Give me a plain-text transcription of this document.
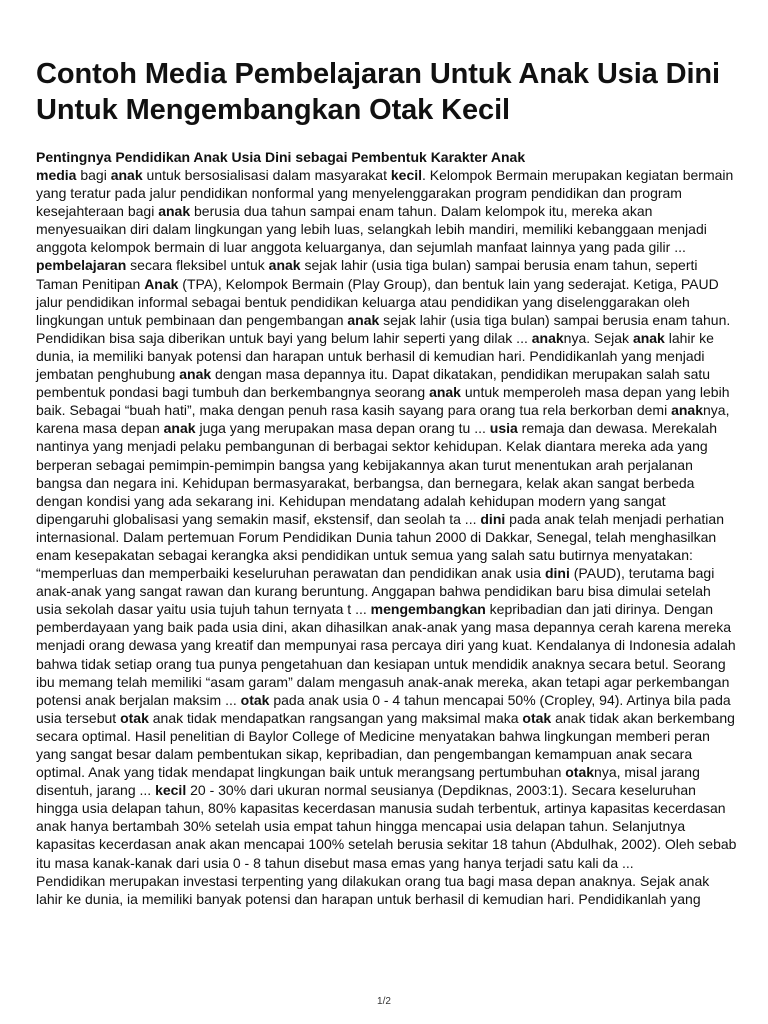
Contoh Media Pembelajaran Untuk Anak Usia Dini Untuk Mengembangkan Otak Kecil
Pentingnya Pendidikan Anak Usia Dini sebagai Pembentuk Karakter Anak

media bagi anak untuk bersosialisasi dalam masyarakat kecil. Kelompok Bermain merupakan kegiatan bermain yang teratur pada jalur pendidikan nonformal yang menyelenggarakan program pendidikan dan program kesejahteraan bagi anak berusia dua tahun sampai enam tahun. Dalam kelompok itu, mereka akan menyesuaikan diri dalam lingkungan yang lebih luas, selangkah lebih mandiri, memiliki kebanggaan menjadi anggota kelompok bermain di luar anggota keluarganya, dan sejumlah manfaat lainnya yang pada gilir ... pembelajaran secara fleksibel untuk anak sejak lahir (usia tiga bulan) sampai berusia enam tahun, seperti Taman Penitipan Anak (TPA), Kelompok Bermain (Play Group), dan bentuk lain yang sederajat. Ketiga, PAUD jalur pendidikan informal sebagai bentuk pendidikan keluarga atau pendidikan yang diselenggarakan oleh lingkungan untuk pembinaan dan pengembangan anak sejak lahir (usia tiga bulan) sampai berusia enam tahun. Pendidikan bisa saja diberikan untuk bayi yang belum lahir seperti yang dilak ... anaknya. Sejak anak lahir ke dunia, ia memiliki banyak potensi dan harapan untuk berhasil di kemudian hari. Pendidikanlah yang menjadi jembatan penghubung anak dengan masa depannya itu. Dapat dikatakan, pendidikan merupakan salah satu pembentuk pondasi bagi tumbuh dan berkembangnya seorang anak untuk memperoleh masa depan yang lebih baik. Sebagai “buah hati”, maka dengan penuh rasa kasih sayang para orang tua rela berkorban demi anaknya, karena masa depan anak juga yang merupakan masa depan orang tu ... usia remaja dan dewasa. Merekalah nantinya yang menjadi pelaku pembangunan di berbagai sektor kehidupan. Kelak diantara mereka ada yang berperan sebagai pemimpin-pemimpin bangsa yang kebijakannya akan turut menentukan arah perjalanan bangsa dan negara ini. Kehidupan bermasyarakat, berbangsa, dan bernegara, kelak akan sangat berbeda dengan kondisi yang ada sekarang ini. Kehidupan mendatang adalah kehidupan modern yang sangat dipengaruhi globalisasi yang semakin masif, ekstensif, dan seolah ta ... dini pada anak telah menjadi perhatian internasional. Dalam pertemuan Forum Pendidikan Dunia tahun 2000 di Dakkar, Senegal, telah menghasilkan enam kesepakatan sebagai kerangka aksi pendidikan untuk semua yang salah satu butirnya menyatakan: “memperluas dan memperbaiki keseluruhan perawatan dan pendidikan anak usia dini (PAUD), terutama bagi anak-anak yang sangat rawan dan kurang beruntung. Anggapan bahwa pendidikan baru bisa dimulai setelah usia sekolah dasar yaitu usia tujuh tahun ternyata t ... mengembangkan kepribadian dan jati dirinya. Dengan pemberdayaan yang baik pada usia dini, akan dihasilkan anak-anak yang masa depannya cerah karena mereka menjadi orang dewasa yang kreatif dan mempunyai rasa percaya diri yang kuat. Kendalanya di Indonesia adalah bahwa tidak setiap orang tua punya pengetahuan dan kesiapan untuk mendidik anaknya secara betul. Seorang ibu memang telah memiliki “asam garam” dalam mengasuh anak-anak mereka, akan tetapi agar perkembangan potensi anak berjalan maksim ... otak pada anak usia 0 - 4 tahun mencapai 50% (Cropley, 94). Artinya bila pada usia tersebut otak anak tidak mendapatkan rangsangan yang maksimal maka otak anak tidak akan berkembang secara optimal. Hasil penelitian di Baylor College of Medicine menyatakan bahwa lingkungan memberi peran yang sangat besar dalam pembentukan sikap, kepribadian, dan pengembangan kemampuan anak secara optimal. Anak yang tidak mendapat lingkungan baik untuk merangsang pertumbuhan otaknya, misal jarang disentuh, jarang ... kecil 20 - 30% dari ukuran normal seusianya (Depdiknas, 2003:1). Secara keseluruhan hingga usia delapan tahun, 80% kapasitas kecerdasan manusia sudah terbentuk, artinya kapasitas kecerdasan anak hanya bertambah 30% setelah usia empat tahun hingga mencapai usia delapan tahun. Selanjutnya kapasitas kecerdasan anak akan mencapai 100% setelah berusia sekitar 18 tahun (Abdulhak, 2002). Oleh sebab itu masa kanak-kanak dari usia 0 - 8 tahun disebut masa emas yang hanya terjadi satu kali da ...

Pendidikan merupakan investasi terpenting yang dilakukan orang tua bagi masa depan anaknya. Sejak anak lahir ke dunia, ia memiliki banyak potensi dan harapan untuk berhasil di kemudian hari. Pendidikanlah yang

1/2
